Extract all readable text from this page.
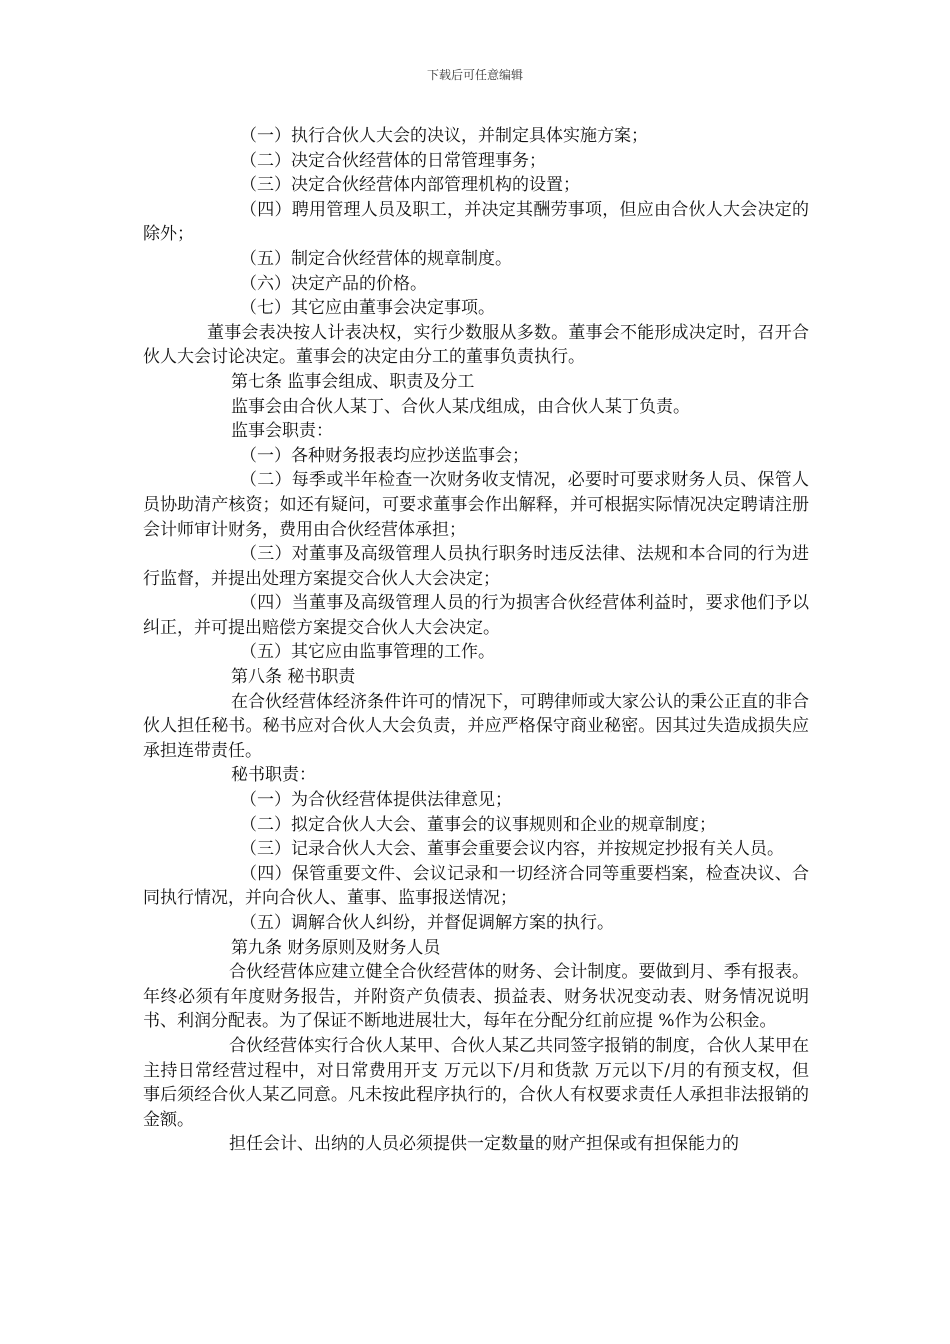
下载后可任意编辑

（一）执行合伙人大会的决议，并制定具体实施方案；

（二）决定合伙经营体的日常管理事务；

（三）决定合伙经营体内部管理机构的设置；

（四）聘用管理人员及职工，并决定其酬劳事项，但应由合伙人大会决定的除外；

（五）制定合伙经营体的规章制度。

（六）决定产品的价格。

（七）其它应由董事会决定事项。

董事会表决按人计表决权，实行少数服从多数。董事会不能形成决定时，召开合伙人大会讨论决定。董事会的决定由分工的董事负责执行。

第七条 监事会组成、职责及分工

监事会由合伙人某丁、合伙人某戊组成，由合伙人某丁负责。

监事会职责：

（一）各种财务报表均应抄送监事会；

（二）每季或半年检查一次财务收支情况，必要时可要求财务人员、保管人员协助清产核资；如还有疑问，可要求董事会作出解释，并可根据实际情况决定聘请注册会计师审计财务，费用由合伙经营体承担；

（三）对董事及高级管理人员执行职务时违反法律、法规和本合同的行为进行监督，并提出处理方案提交合伙人大会决定；

（四）当董事及高级管理人员的行为损害合伙经营体利益时，要求他们予以纠正，并可提出赔偿方案提交合伙人大会决定。

（五）其它应由监事管理的工作。

第八条 秘书职责

在合伙经营体经济条件许可的情况下，可聘律师或大家公认的秉公正直的非合伙人担任秘书。秘书应对合伙人大会负责，并应严格保守商业秘密。因其过失造成损失应承担连带责任。

秘书职责：

（一）为合伙经营体提供法律意见；

（二）拟定合伙人大会、董事会的议事规则和企业的规章制度；

（三）记录合伙人大会、董事会重要会议内容，并按规定抄报有关人员。

（四）保管重要文件、会议记录和一切经济合同等重要档案，检查决议、合同执行情况，并向合伙人、董事、监事报送情况；

（五）调解合伙人纠纷，并督促调解方案的执行。

第九条 财务原则及财务人员

合伙经营体应建立健全合伙经营体的财务、会计制度。要做到月、季有报表。年终必须有年度财务报告，并附资产负债表、损益表、财务状况变动表、财务情况说明书、利润分配表。为了保证不断地进展壮大，每年在分配分红前应提 %作为公积金。

合伙经营体实行合伙人某甲、合伙人某乙共同签字报销的制度，合伙人某甲在主持日常经营过程中，对日常费用开支 万元以下/月和货款 万元以下/月的有预支权，但事后须经合伙人某乙同意。凡未按此程序执行的，合伙人有权要求责任人承担非法报销的金额。

担任会计、出纳的人员必须提供一定数量的财产担保或有担保能力的
